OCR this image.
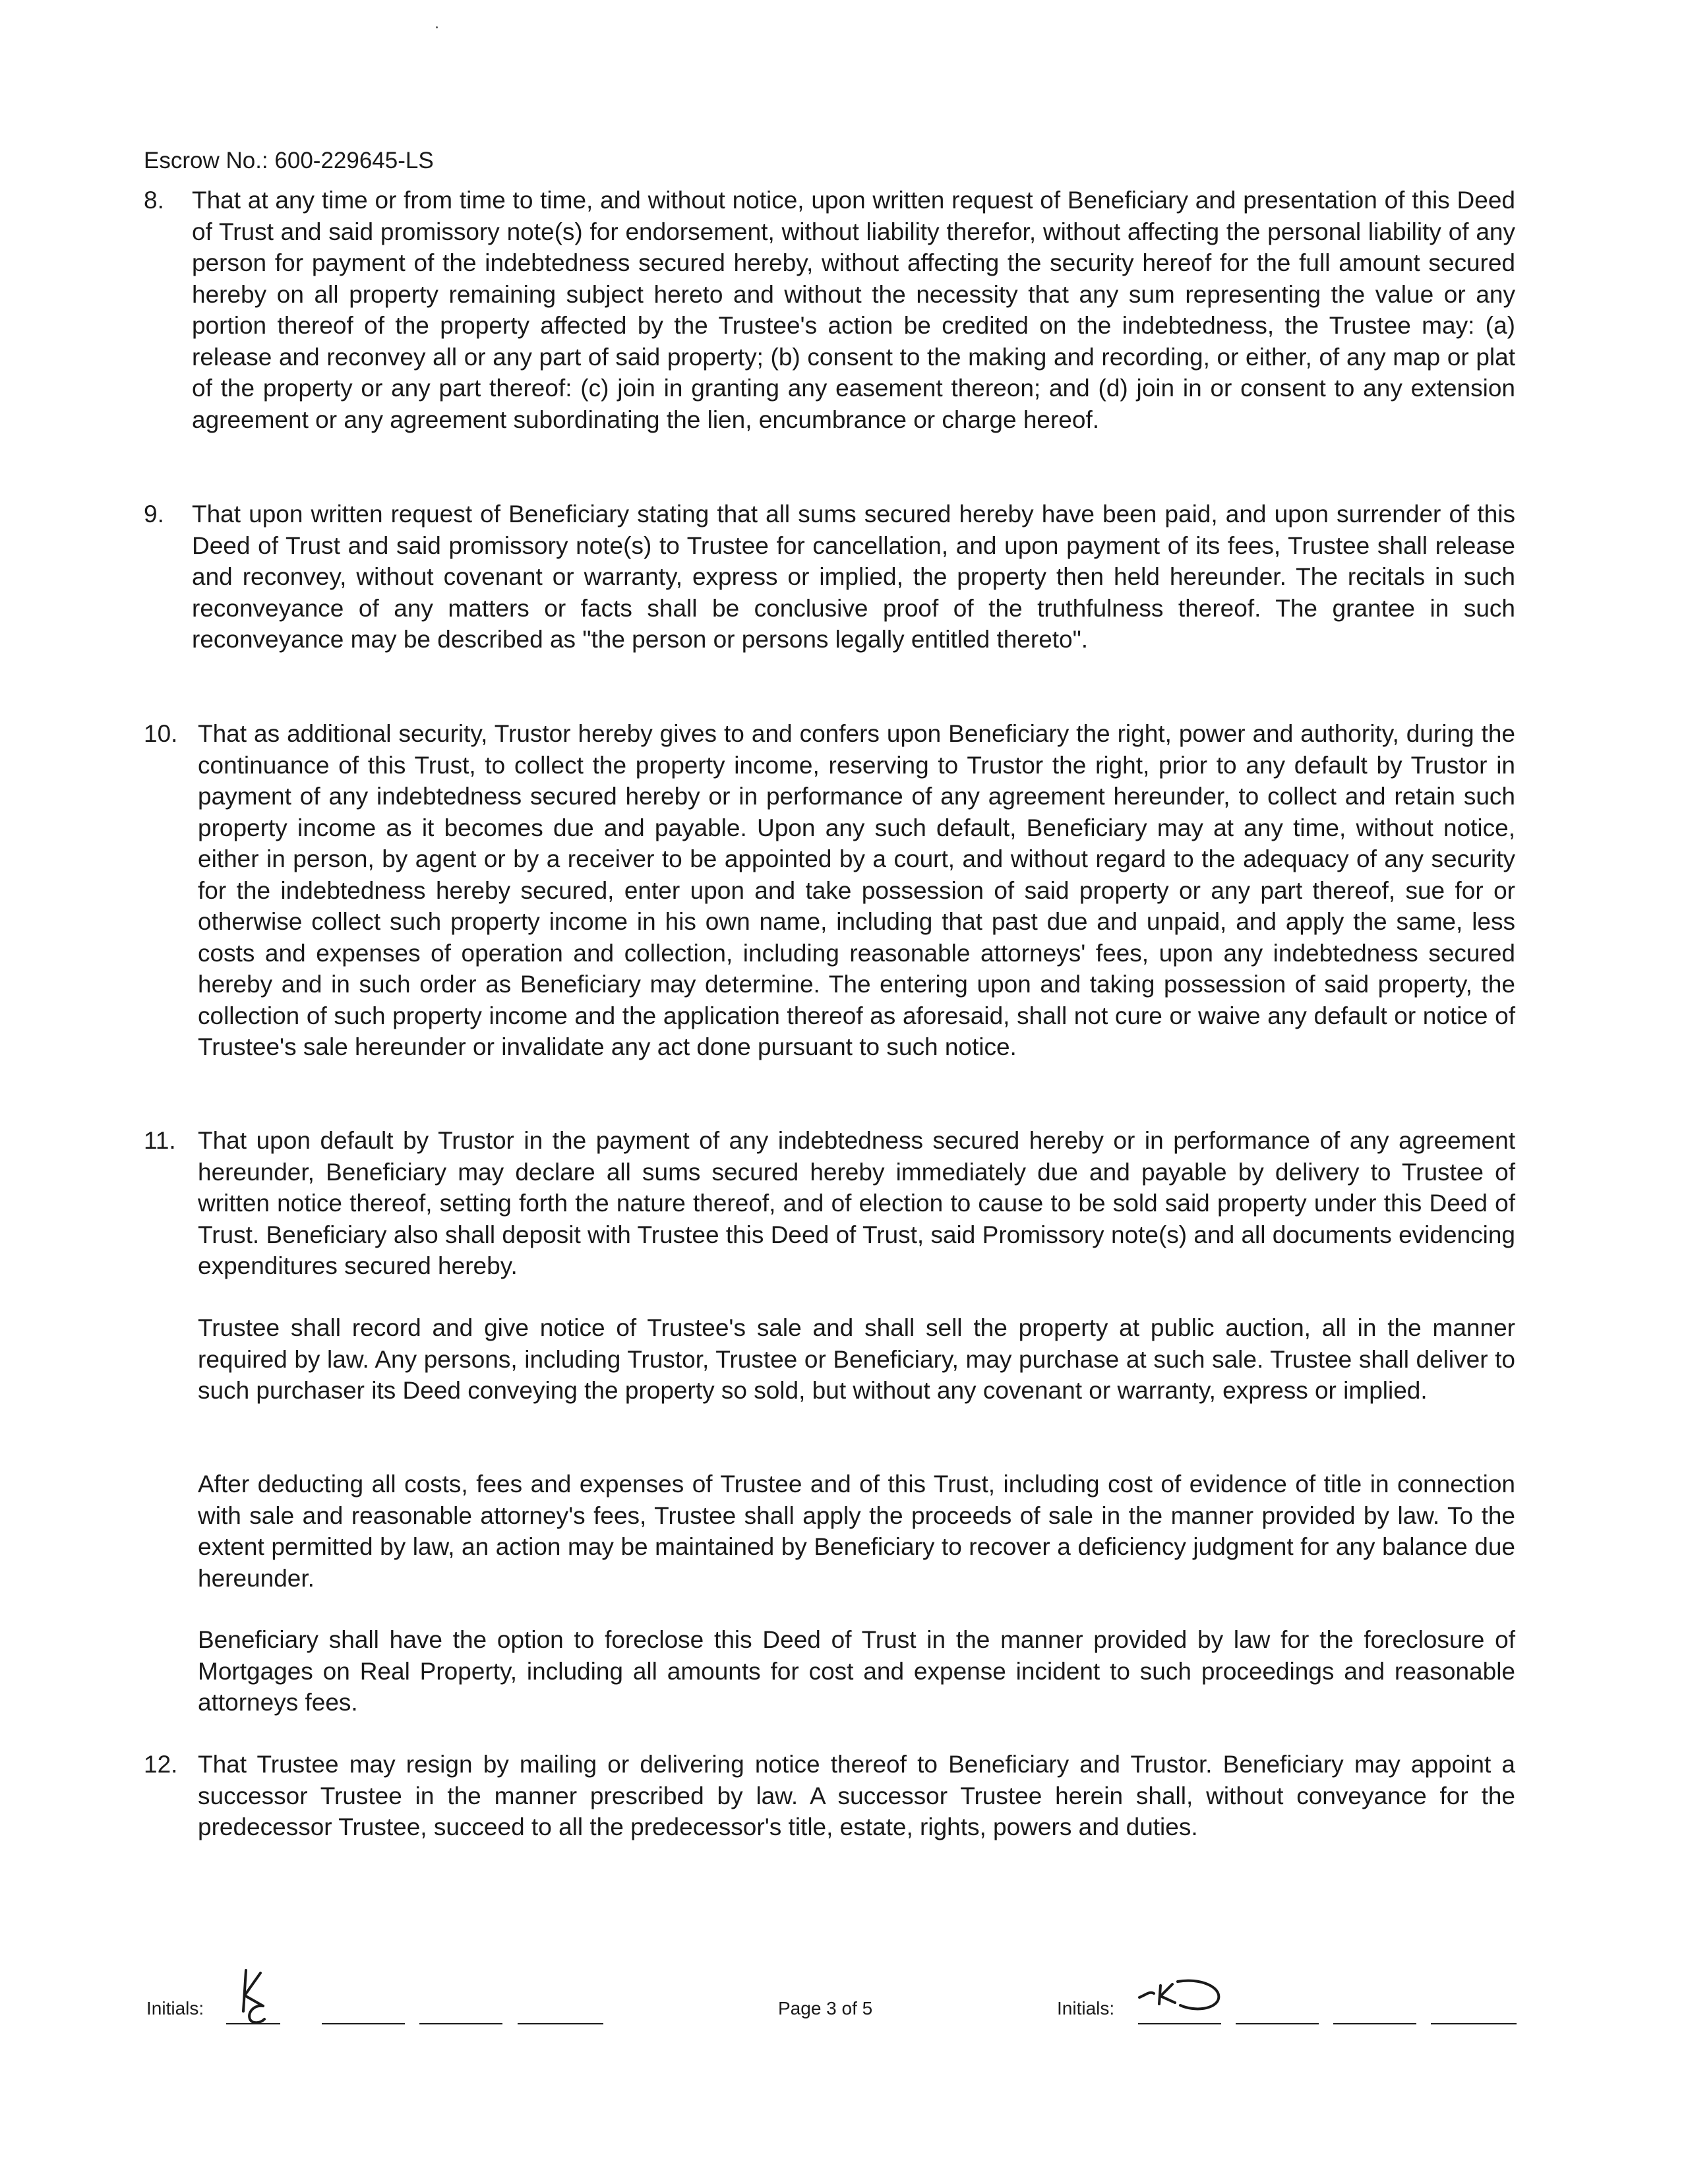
Escrow No.: 600-229645-LS
8.	That at any time or from time to time, and without notice, upon written request of Beneficiary and presentation of this Deed of Trust and said promissory note(s) for endorsement, without liability therefor, without affecting the personal liability of any person for payment of the indebtedness secured hereby, without affecting the security hereof for the full amount secured hereby on all property remaining subject hereto and without the necessity that any sum representing the value or any portion thereof of the property affected by the Trustee's action be credited on the indebtedness, the Trustee may: (a) release and reconvey all or any part of said property; (b) consent to the making and recording, or either, of any map or plat of the property or any part thereof: (c) join in granting any easement thereon; and (d) join in or consent to any extension agreement or any agreement subordinating the lien, encumbrance or charge hereof.
9.	That upon written request of Beneficiary stating that all sums secured hereby have been paid, and upon surrender of this Deed of Trust and said promissory note(s) to Trustee for cancellation, and upon payment of its fees, Trustee shall release and reconvey, without covenant or warranty, express or implied, the property then held hereunder. The recitals in such reconveyance of any matters or facts shall be conclusive proof of the truthfulness thereof. The grantee in such reconveyance may be described as "the person or persons legally entitled thereto".
10. That as additional security, Trustor hereby gives to and confers upon Beneficiary the right, power and authority, during the continuance of this Trust, to collect the property income, reserving to Trustor the right, prior to any default by Trustor in payment of any indebtedness secured hereby or in performance of any agreement hereunder, to collect and retain such property income as it becomes due and payable. Upon any such default, Beneficiary may at any time, without notice, either in person, by agent or by a receiver to be appointed by a court, and without regard to the adequacy of any security for the indebtedness hereby secured, enter upon and take possession of said property or any part thereof, sue for or otherwise collect such property income in his own name, including that past due and unpaid, and apply the same, less costs and expenses of operation and collection, including reasonable attorneys' fees, upon any indebtedness secured hereby and in such order as Beneficiary may determine. The entering upon and taking possession of said property, the collection of such property income and the application thereof as aforesaid, shall not cure or waive any default or notice of Trustee's sale hereunder or invalidate any act done pursuant to such notice.
11. That upon default by Trustor in the payment of any indebtedness secured hereby or in performance of any agreement hereunder, Beneficiary may declare all sums secured hereby immediately due and payable by delivery to Trustee of written notice thereof, setting forth the nature thereof, and of election to cause to be sold said property under this Deed of Trust. Beneficiary also shall deposit with Trustee this Deed of Trust, said Promissory note(s) and all documents evidencing expenditures secured hereby.
Trustee shall record and give notice of Trustee's sale and shall sell the property at public auction, all in the manner required by law. Any persons, including Trustor, Trustee or Beneficiary, may purchase at such sale. Trustee shall deliver to such purchaser its Deed conveying the property so sold, but without any covenant or warranty, express or implied.
After deducting all costs, fees and expenses of Trustee and of this Trust, including cost of evidence of title in connection with sale and reasonable attorney's fees, Trustee shall apply the proceeds of sale in the manner provided by law. To the extent permitted by law, an action may be maintained by Beneficiary to recover a deficiency judgment for any balance due hereunder.
Beneficiary shall have the option to foreclose this Deed of Trust in the manner provided by law for the foreclosure of Mortgages on Real Property, including all amounts for cost and expense incident to such proceedings and reasonable attorneys fees.
12. That Trustee may resign by mailing or delivering notice thereof to Beneficiary and Trustor. Beneficiary may appoint a successor Trustee in the manner prescribed by law. A successor Trustee herein shall, without conveyance for the predecessor Trustee, succeed to all the predecessor's title, estate, rights, powers and duties.
Initials:	Page 3 of 5	Initials:
